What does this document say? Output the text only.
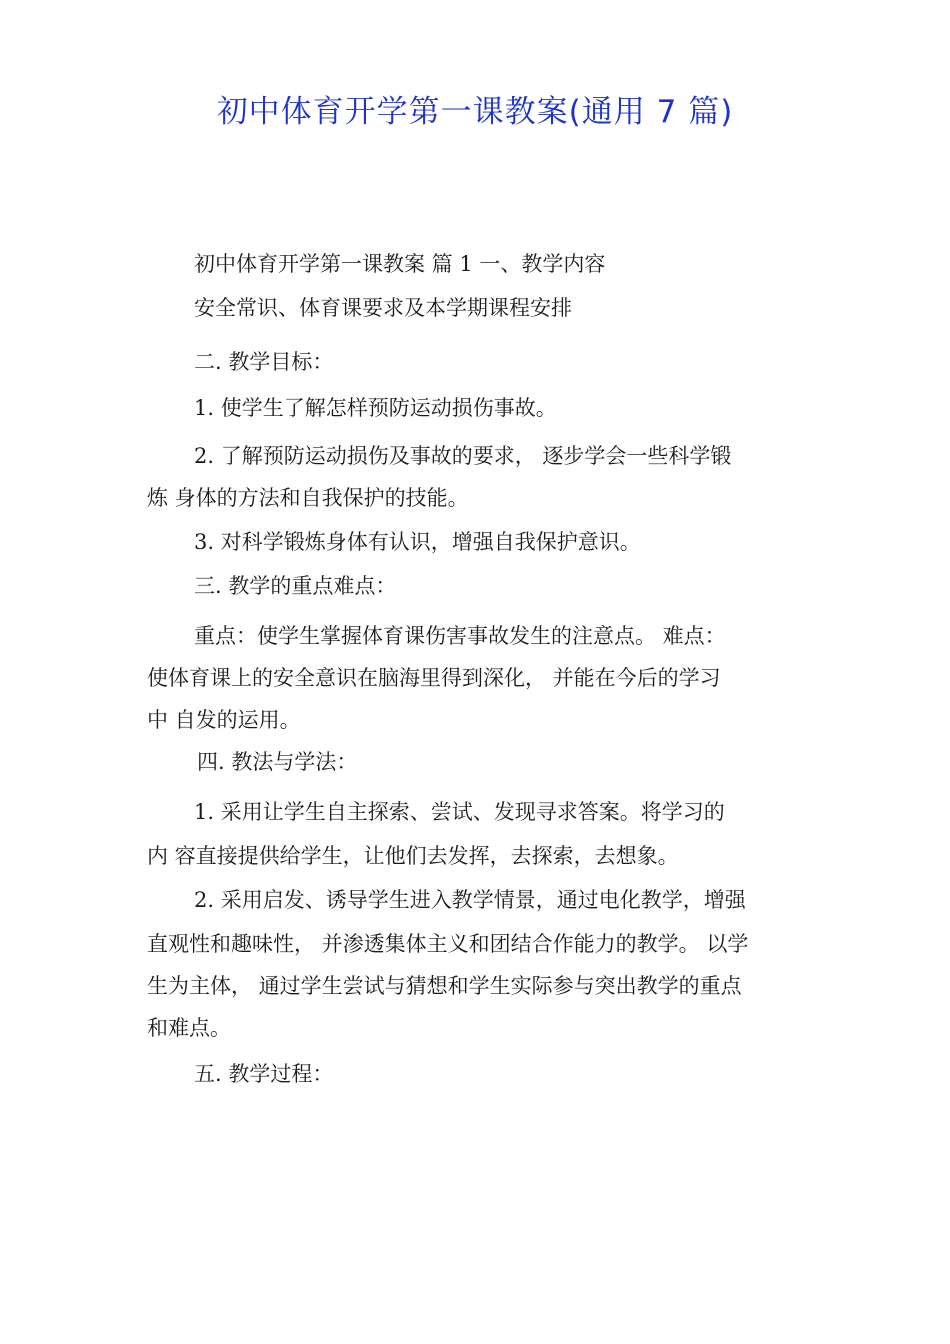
初中体育开学第一课教案(通用 7 篇)
初中体育开学第一课教案 篇 1 一、教学内容
安全常识、体育课要求及本学期课程安排
二. 教学目标：
1. 使学生了解怎样预防运动损伤事故。
2. 了解预防运动损伤及事故的要求， 逐步学会一些科学锻
炼 身体的方法和自我保护的技能。
3. 对科学锻炼身体有认识，增强自我保护意识。
三. 教学的重点难点：
重点：使学生掌握体育课伤害事故发生的注意点。 难点：
使体育课上的安全意识在脑海里得到深化， 并能在今后的学习
中 自发的运用。
四. 教法与学法：
1. 采用让学生自主探索、尝试、发现寻求答案。将学习的
内 容直接提供给学生，让他们去发挥，去探索，去想象。
2. 采用启发、诱导学生进入教学情景，通过电化教学，增强
直观性和趣味性， 并渗透集体主义和团结合作能力的教学。 以学
生为主体， 通过学生尝试与猜想和学生实际参与突出教学的重点
和难点。
五. 教学过程：
